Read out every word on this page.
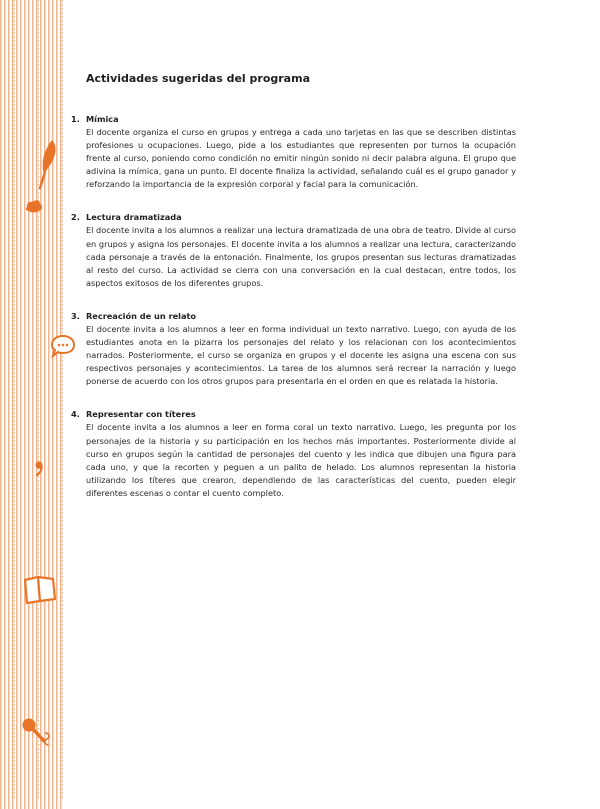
Actividades sugeridas del programa
1. Mímica

El docente organiza el curso en grupos y entrega a cada uno tarjetas en las que se describen distintas profesiones u ocupaciones. Luego, pide a los estudiantes que representen por turnos la ocupación frente al curso, poniendo como condición no emitir ningún sonido ni decir palabra alguna. El grupo que adivina la mímica, gana un punto. El docente finaliza la actividad, señalando cuál es el grupo ganador y reforzando la importancia de la expresión corporal y facial para la comunicación.

2. Lectura dramatizada

El docente invita a los alumnos a realizar una lectura dramatizada de una obra de teatro. Divide al curso en grupos y asigna los personajes. El docente invita a los alumnos a realizar una lectura, caracterizando cada personaje a través de la entonación. Finalmente, los grupos presentan sus lecturas dramatizadas al resto del curso. La actividad se cierra con una conversación en la cual destacan, entre todos, los aspectos exitosos de los diferentes grupos.

3. Recreación de un relato

El docente invita a los alumnos a leer en forma individual un texto narrativo. Luego, con ayuda de los estudiantes anota en la pizarra los personajes del relato y los relacionan con los acontecimientos narrados. Posteriormente, el curso se organiza en grupos y el docente les asigna una escena con sus respectivos personajes y acontecimientos. La tarea de los alumnos será recrear la narración y luego ponerse de acuerdo con los otros grupos para presentarla en el orden en que es relatada la historia.

4. Representar con títeres

El docente invita a los alumnos a leer en forma coral un texto narrativo. Luego, les pregunta por los personajes de la historia y su participación en los hechos más importantes. Posteriormente divide al curso en grupos según la cantidad de personajes del cuento y les indica que dibujen una figura para cada uno, y que la recorten y peguen a un palito de helado. Los alumnos representan la historia utilizando los títeres que crearon, dependiendo de las características del cuento, pueden elegir diferentes escenas o contar el cuento completo.
